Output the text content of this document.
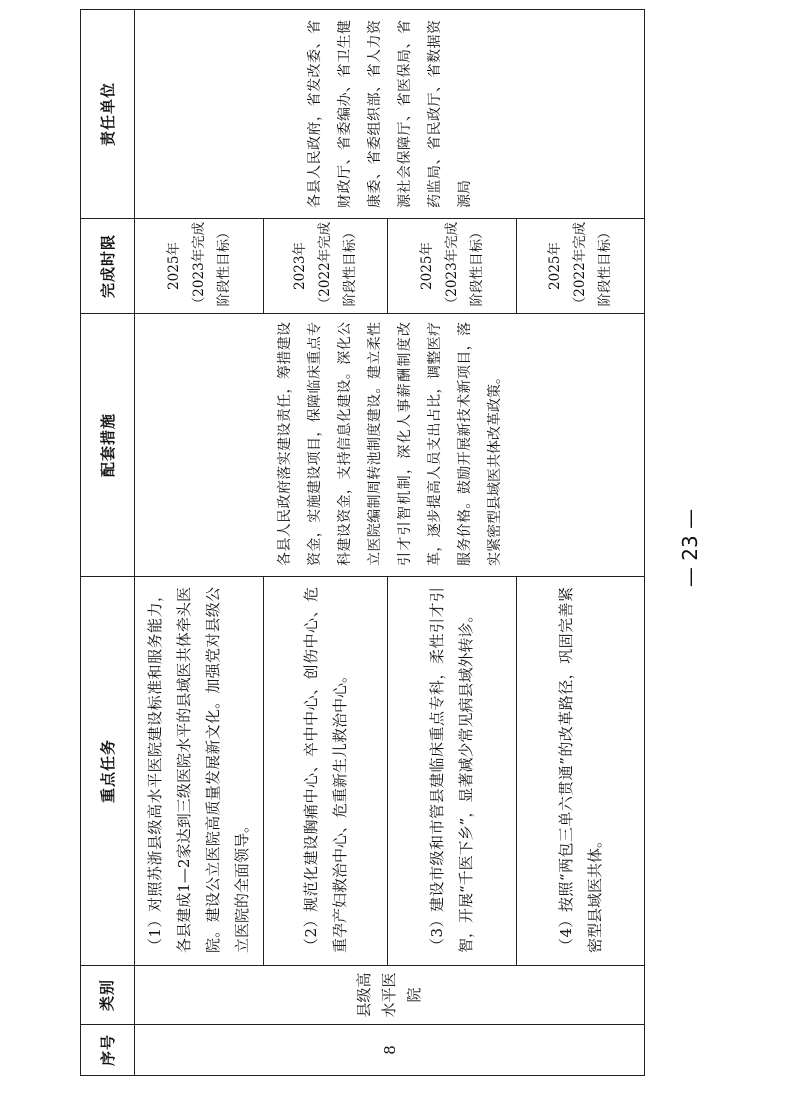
序号	类别	重点任务	配套措施	完成时限	责任单位
8	县级高水平医院	（1）对照苏浙县级高水平医院建设标准和服务能力，各县建成1—2家达到三级医院水平的县域医共体牵头医院。建设公立医院高质量发展新文化。加强党对县级公立医院的全面领导。	各县人民政府落实建设责任，筹措建设资金，实施建设项目，保障临床重点专科建设资金，支持信息化建设。深化公立医院编制周转池制度建设。建立柔性引才引智机制，深化人事薪酬制度改革，逐步提高人员支出占比，调整医疗服务价格。鼓励开展新技术新项目，落实紧密型县域医共体改革政策。	2025年（2023年完成阶段性目标）	各县人民政府，省发改委、省财政厅、省委编办、省卫生健康委、省委组织部、省人力资源社会保障厅、省医保局、省药监局、省民政厅、省数据资源局

		（2）规范化建设胸痛中心、卒中中心、创伤中心、危重孕产妇救治中心、危重新生儿救治中心。		2023年（2022年完成阶段性目标）	

		（3）建设市级和市管县建临床重点专科，柔性引才引智，开展“千医下乡”，显著减少常见病县域外转诊。		2025年（2023年完成阶段性目标）	

		（4）按照“两包三单六贯通”的改革路径，巩固完善紧密型县域医共体。		2025年（2022年完成阶段性目标）	
— 23 —
